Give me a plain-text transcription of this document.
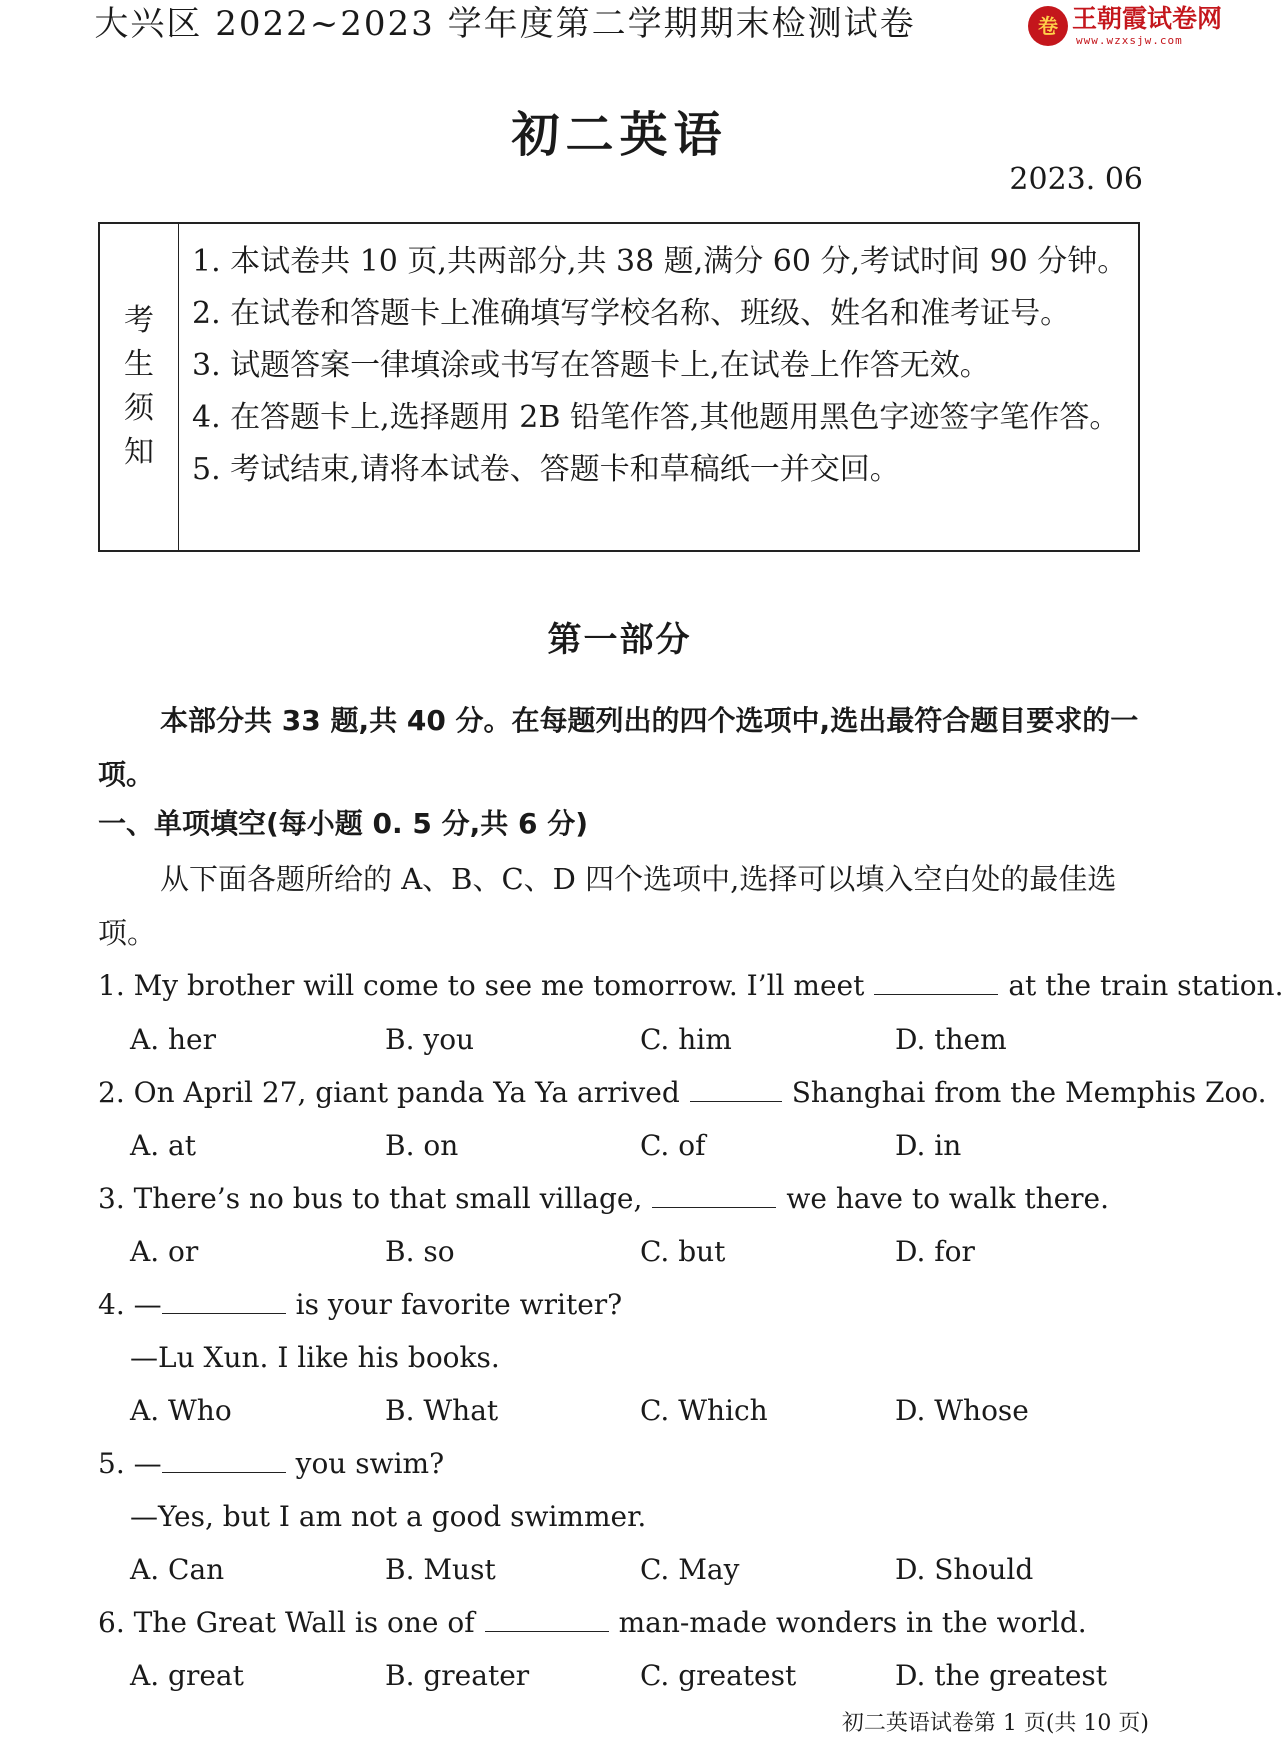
大兴区 2022~2023 学年度第二学期期末检测试卷	卷 王朝霞试卷网
www.wzxsjw.com
初二英语
2023. 06
考
生
须
知
1. 本试卷共 10 页,共两部分,共 38 题,满分 60 分,考试时间 90 分钟。
2. 在试卷和答题卡上准确填写学校名称、班级、姓名和准考证号。
3. 试题答案一律填涂或书写在答题卡上,在试卷上作答无效。
4. 在答题卡上,选择题用 2B 铅笔作答,其他题用黑色字迹签字笔作答。
5. 考试结束,请将本试卷、答题卡和草稿纸一并交回。
第一部分
本部分共 33 题,共 40 分。在每题列出的四个选项中,选出最符合题目要求的一项。
一、单项填空(每小题 0. 5 分,共 6 分)
从下面各题所给的 A、B、C、D 四个选项中,选择可以填入空白处的最佳选项。
1. My brother will come to see me tomorrow. I’ll meet	at the train station.
A. her	B. you	C. him	D. them
2. On April 27, giant panda Ya Ya arrived	Shanghai from the Memphis Zoo.
A. at	B. on	C. of	D. in
3. There’s no bus to that small village,	we have to walk there.
A. or	B. so	C. but	D. for
4. —	is your favorite writer?
—Lu Xun. I like his books.
A. Who	B. What	C. Which	D. Whose
5. —	you swim?
—Yes, but I am not a good swimmer.
A. Can	B. Must	C. May	D. Should
6. The Great Wall is one of	man-made wonders in the world.
A. great	B. greater	C. greatest	D. the greatest
初二英语试卷第 1 页(共 10 页)
